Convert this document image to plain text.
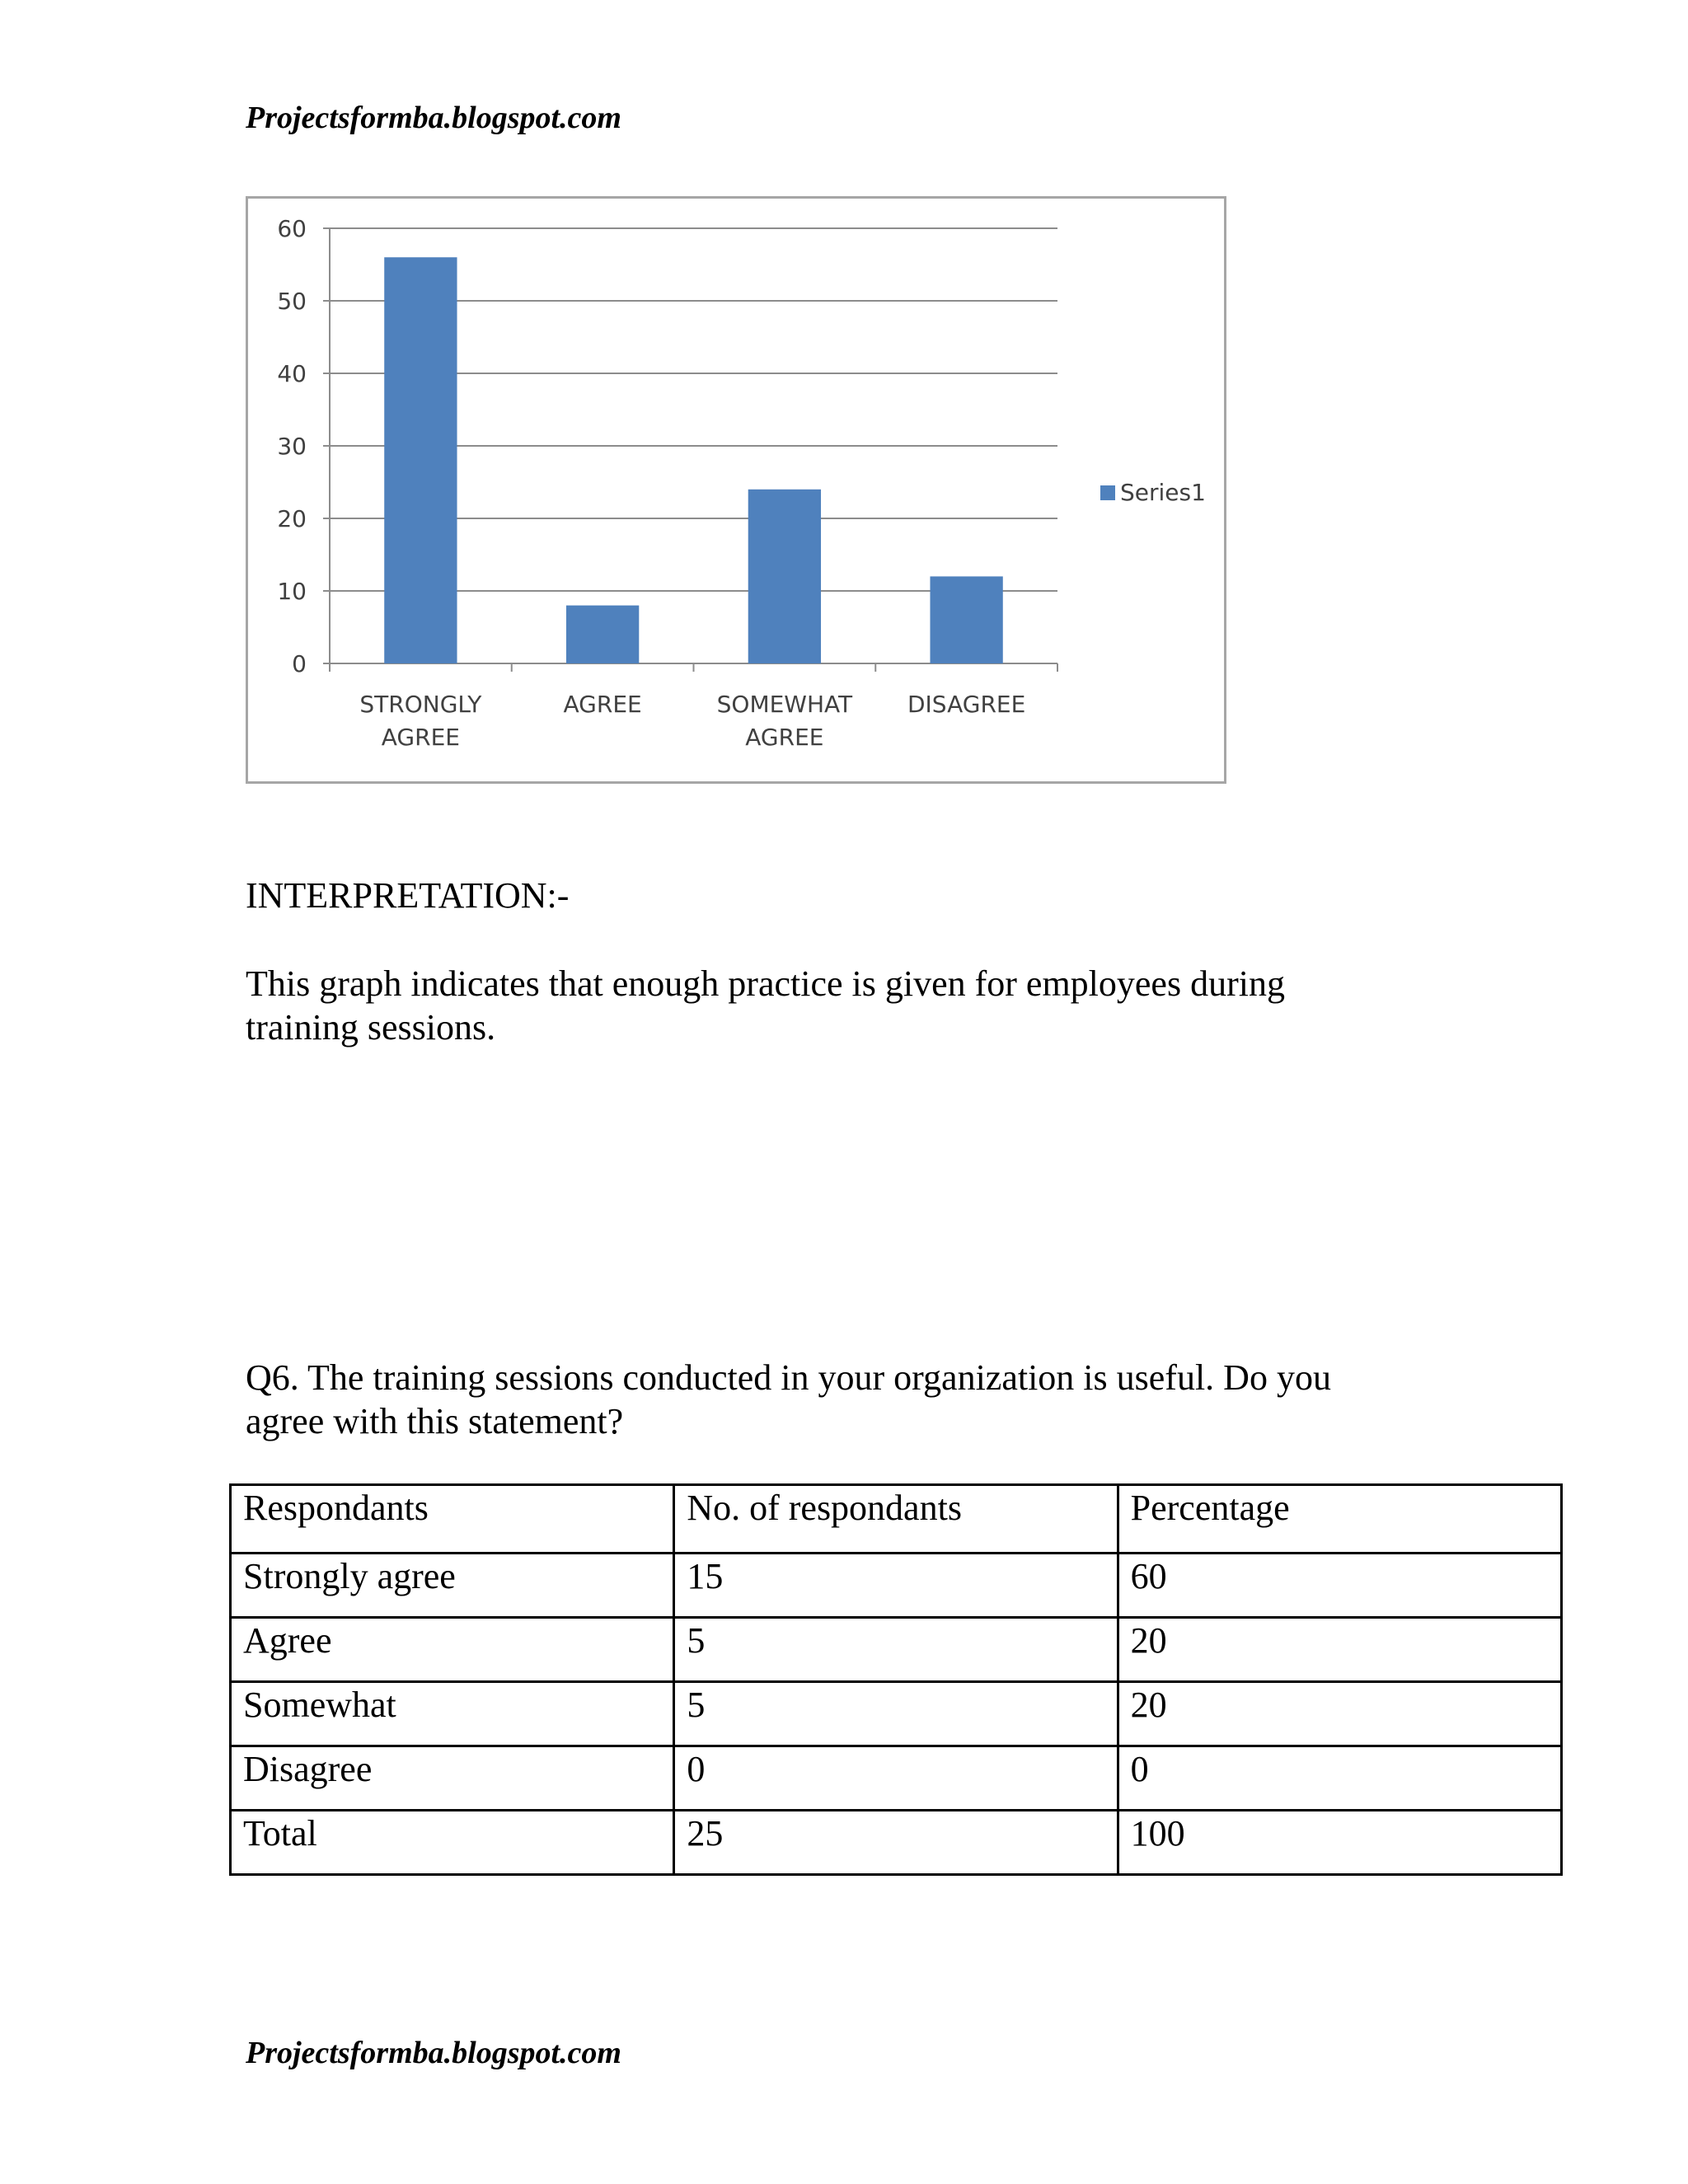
Projectsformba.blogspot.com
0
10
20
30
40
50
60
STRONGLY
AGREE
AGREE	SOMEWHAT
AGREE
DISAGREE
Series1
INTERPRETATION:-
This graph indicates that enough practice is given for employees during
training sessions.
Q6. The training sessions conducted in your organization is useful. Do you
agree with this statement?
Respondants	No. of respondants	Percentage
Strongly agree	15	60
Agree	5	20
Somewhat	5	20
Disagree	0	0
Total	25	100
Projectsformba.blogspot.com
